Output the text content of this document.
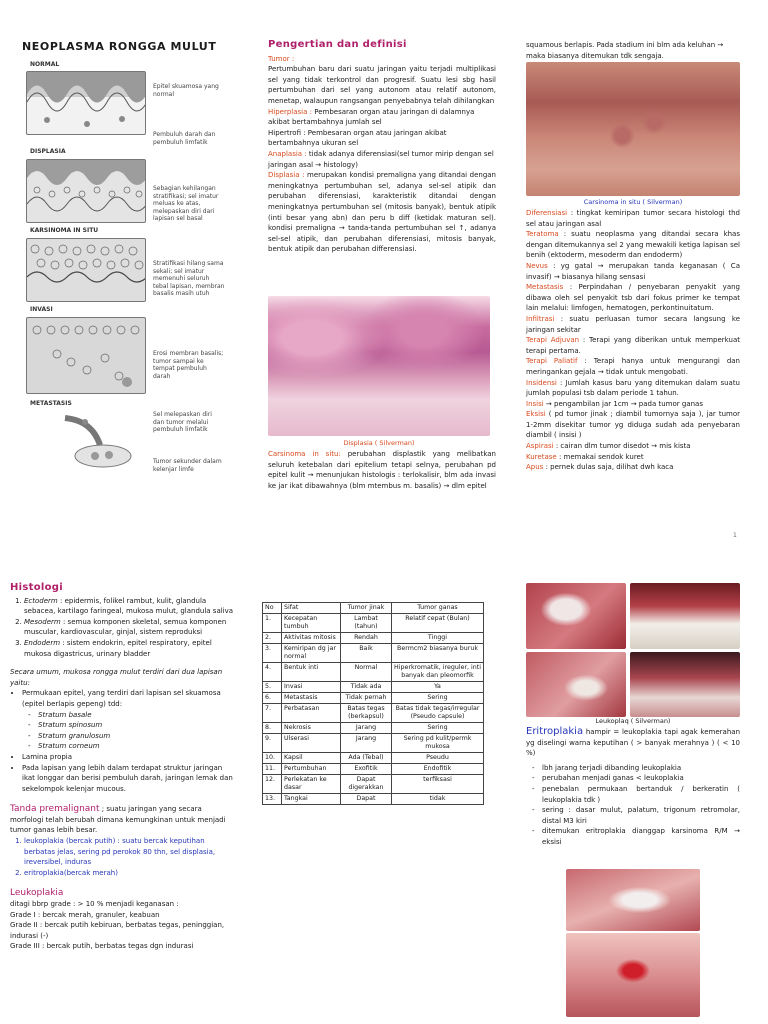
NEOPLASMA RONGGA MULUT
NORMAL
Epitel skuamosa yang normal
Pembuluh darah dan pembuluh limfatik
DISPLASIA
Sebagian kehilangan stratifikasi; sel imatur meluas ke atas, melepaskan diri dari lapisan sel basal
KARSINOMA IN SITU
Stratifikasi hilang sama sekali; sel imatur memenuhi seluruh tebal lapisan, membran basalis masih utuh
INVASI
Erosi membran basalis; tumor sampai ke tempat pembuluh darah
METASTASIS
Sel melepaskan diri dan tumor melalui pembuluh limfatik
Tumor sekunder dalam kelenjar limfe
Pengertian dan definisi
Tumor :
Pertumbuhan baru dari suatu jaringan yaitu terjadi multiplikasi sel yang tidak terkontrol dan progresif. Suatu lesi sbg hasil pertumbuhan dari sel yang autonom atau relatif autonom, menetap, walaupun rangsangan penyebabnya telah dihilangkan
Hiperplasia : Pembesaran organ atau jaringan di dalamnya akibat bertambahnya jumlah sel
Hipertrofi : Pembesaran organ atau jaringan akibat bertambahnya ukuran sel
Anaplasia : tidak adanya diferensiasi(sel tumor mirip dengan sel jaringan asal → histology)
Displasia : merupakan kondisi premaligna yang ditandai dengan meningkatnya pertumbuhan sel, adanya sel-sel atipik dan perubahan diferensiasi, karakteristik ditandai dengan meningkatnya pertumbuhan sel (mitosis banyak), bentuk atipik (inti besar yang abn) dan peru b diff (ketidak maturan sel). kondisi premaligna → tanda-tanda pertumbuhan sel ↑, adanya sel-sel atipik, dan perubahan diferensiasi, mitosis banyak, bentuk atipik dan perubahan differensiasi.
Displasia ( Silverman)
Carsinoma in situ: perubahan displastik yang melibatkan seluruh ketebalan dari epitelium tetapi selnya, perubahan pd epitel kulit → menunjukan histologis : terlokalisir, blm ada invasi ke jar ikat dibawahnya (blm mtembus m. basalis) → dlm epitel
squamous berlapis. Pada stadium ini blm ada keluhan → maka biasanya ditemukan tdk sengaja.
Carsinoma in situ ( Silverman)
Diferensiasi : tingkat kemiripan tumor secara histologi thd sel atau jaringan asal
Teratoma : suatu neoplasma yang ditandai secara khas dengan ditemukannya sel 2 yang mewakili ketiga lapisan sel benih (ektoderm, mesoderm dan endoderm)
Nevus : yg gatal → merupakan tanda keganasan ( Ca invasif) → biasanya hilang sensasi
Metastasis : Perpindahan / penyebaran penyakit yang dibawa oleh sel penyakit tsb dari fokus primer ke tempat lain melalui: limfogen, hematogen, perkontinuitatum.
Infiltrasi : suatu perluasan tumor secara langsung ke jaringan sekitar
Terapi Adjuvan : Terapi yang diberikan untuk memperkuat terapi pertama.
Terapi Paliatif : Terapi hanya untuk mengurangi dan meringankan gejala → tidak untuk mengobati.
Insidensi : Jumlah kasus baru yang ditemukan dalam suatu jumlah populasi tsb dalam periode 1 tahun.
Insisi → pengambilan jar 1cm → pada tumor ganas
Eksisi ( pd tumor jinak ; diambil tumornya saja ), jar tumor 1-2mm disekitar tumor yg diduga sudah ada penyebaran diambil ( insisi )
Aspirasi : cairan dlm tumor disedot → mis kista
Kuretase : memakai sendok kuret
Apus : pernek dulas saja, dilihat dwh kaca
1
Histologi
1. Ectoderm : epidermis, folikel rambut, kulit, glandula sebacea, kartilago faringeal, mukosa mulut, glandula saliva
2. Mesoderm : semua komponen skeletal, semua komponen muscular, kardiovascular, ginjal, sistem reproduksi
3. Endoderm : sistem endokrin, epitel respiratory, epitel mukosa digastricus, urinary bladder
Secara umum, mukosa rongga mulut terdiri dari dua lapisan yaitu:
• Permukaan epitel, yang terdiri dari lapisan sel skuamosa (epitel berlapis gepeng) tdd:
- Stratum basale
- Stratum spinosum
- Stratum granulosum
- Stratum corneum
• Lamina propia
• Pada lapisan yang lebih dalam terdapat struktur jaringan ikat longgar dan berisi pembuluh darah, jaringan lemak dan sekelompok kelenjar mucous.
Tanda premalignant ; suatu jaringan yang secara morfologi telah berubah dimana kemungkinan untuk menjadi tumor ganas lebih besar.
1. leukoplakia (bercak putih) : suatu bercak keputihan berbatas jelas, sering pd perokok 80 thn, sel displasia, ireversibel, induras
2. eritroplakia(bercak merah)
Leukoplakia
ditagi bbrp grade : > 10 % menjadi keganasan :
Grade I : bercak merah, granuler, keabuan
Grade II : bercak putih kebiruan, berbatas tegas, peninggian, indurasi (-)
Grade III : bercak putih, berbatas tegas dgn indurasi
No	Sifat	Tumor jinak	Tumor ganas
1.	Kecepatan tumbuh	Lambat (tahun)	Relatif cepat (Bulan)
2.	Aktivitas mitosis	Rendah	Tinggi
3.	Kemiripan dg jar normal	Baik	Bermcm2 biasanya buruk
4.	Bentuk inti	Normal	Hiperkromatik, ireguler, inti banyak dan pleomorfik
5.	Invasi	Tidak ada	Ya
6.	Metastasis	Tidak pernah	Sering
7.	Perbatasan	Batas tegas (berkapsul)	Batas tidak tegas/irregular (Pseudo capsule)
8.	Nekrosis	Jarang	Sering
9.	Ulserasi	Jarang	Sering pd kulit/permk mukosa
10.	Kapsil	Ada (Tebal)	Pseudu
11.	Pertumbuhan	Exofitik	Endofitik
12.	Perlekatan ke dasar	Dapat digerakkan	terfiksasi
13.	Tangkai	Dapat	tidak
Leukoplaq ( Silverman)
Eritroplakia hampir = leukoplakia tapi agak kemerahan yg diselingi warna keputihan ( > banyak merahnya ) ( < 10 %)
- lbh jarang terjadi dibanding leukoplakia
- perubahan menjadi ganas < leukoplakia
- penebalan permukaan bertanduk / berkeratin ( leukoplakia tdk )
- sering : dasar mulut, palatum, trigonum retromolar, distal M3 kiri
- ditemukan eritroplakia dianggap karsinoma R/M → eksisi
